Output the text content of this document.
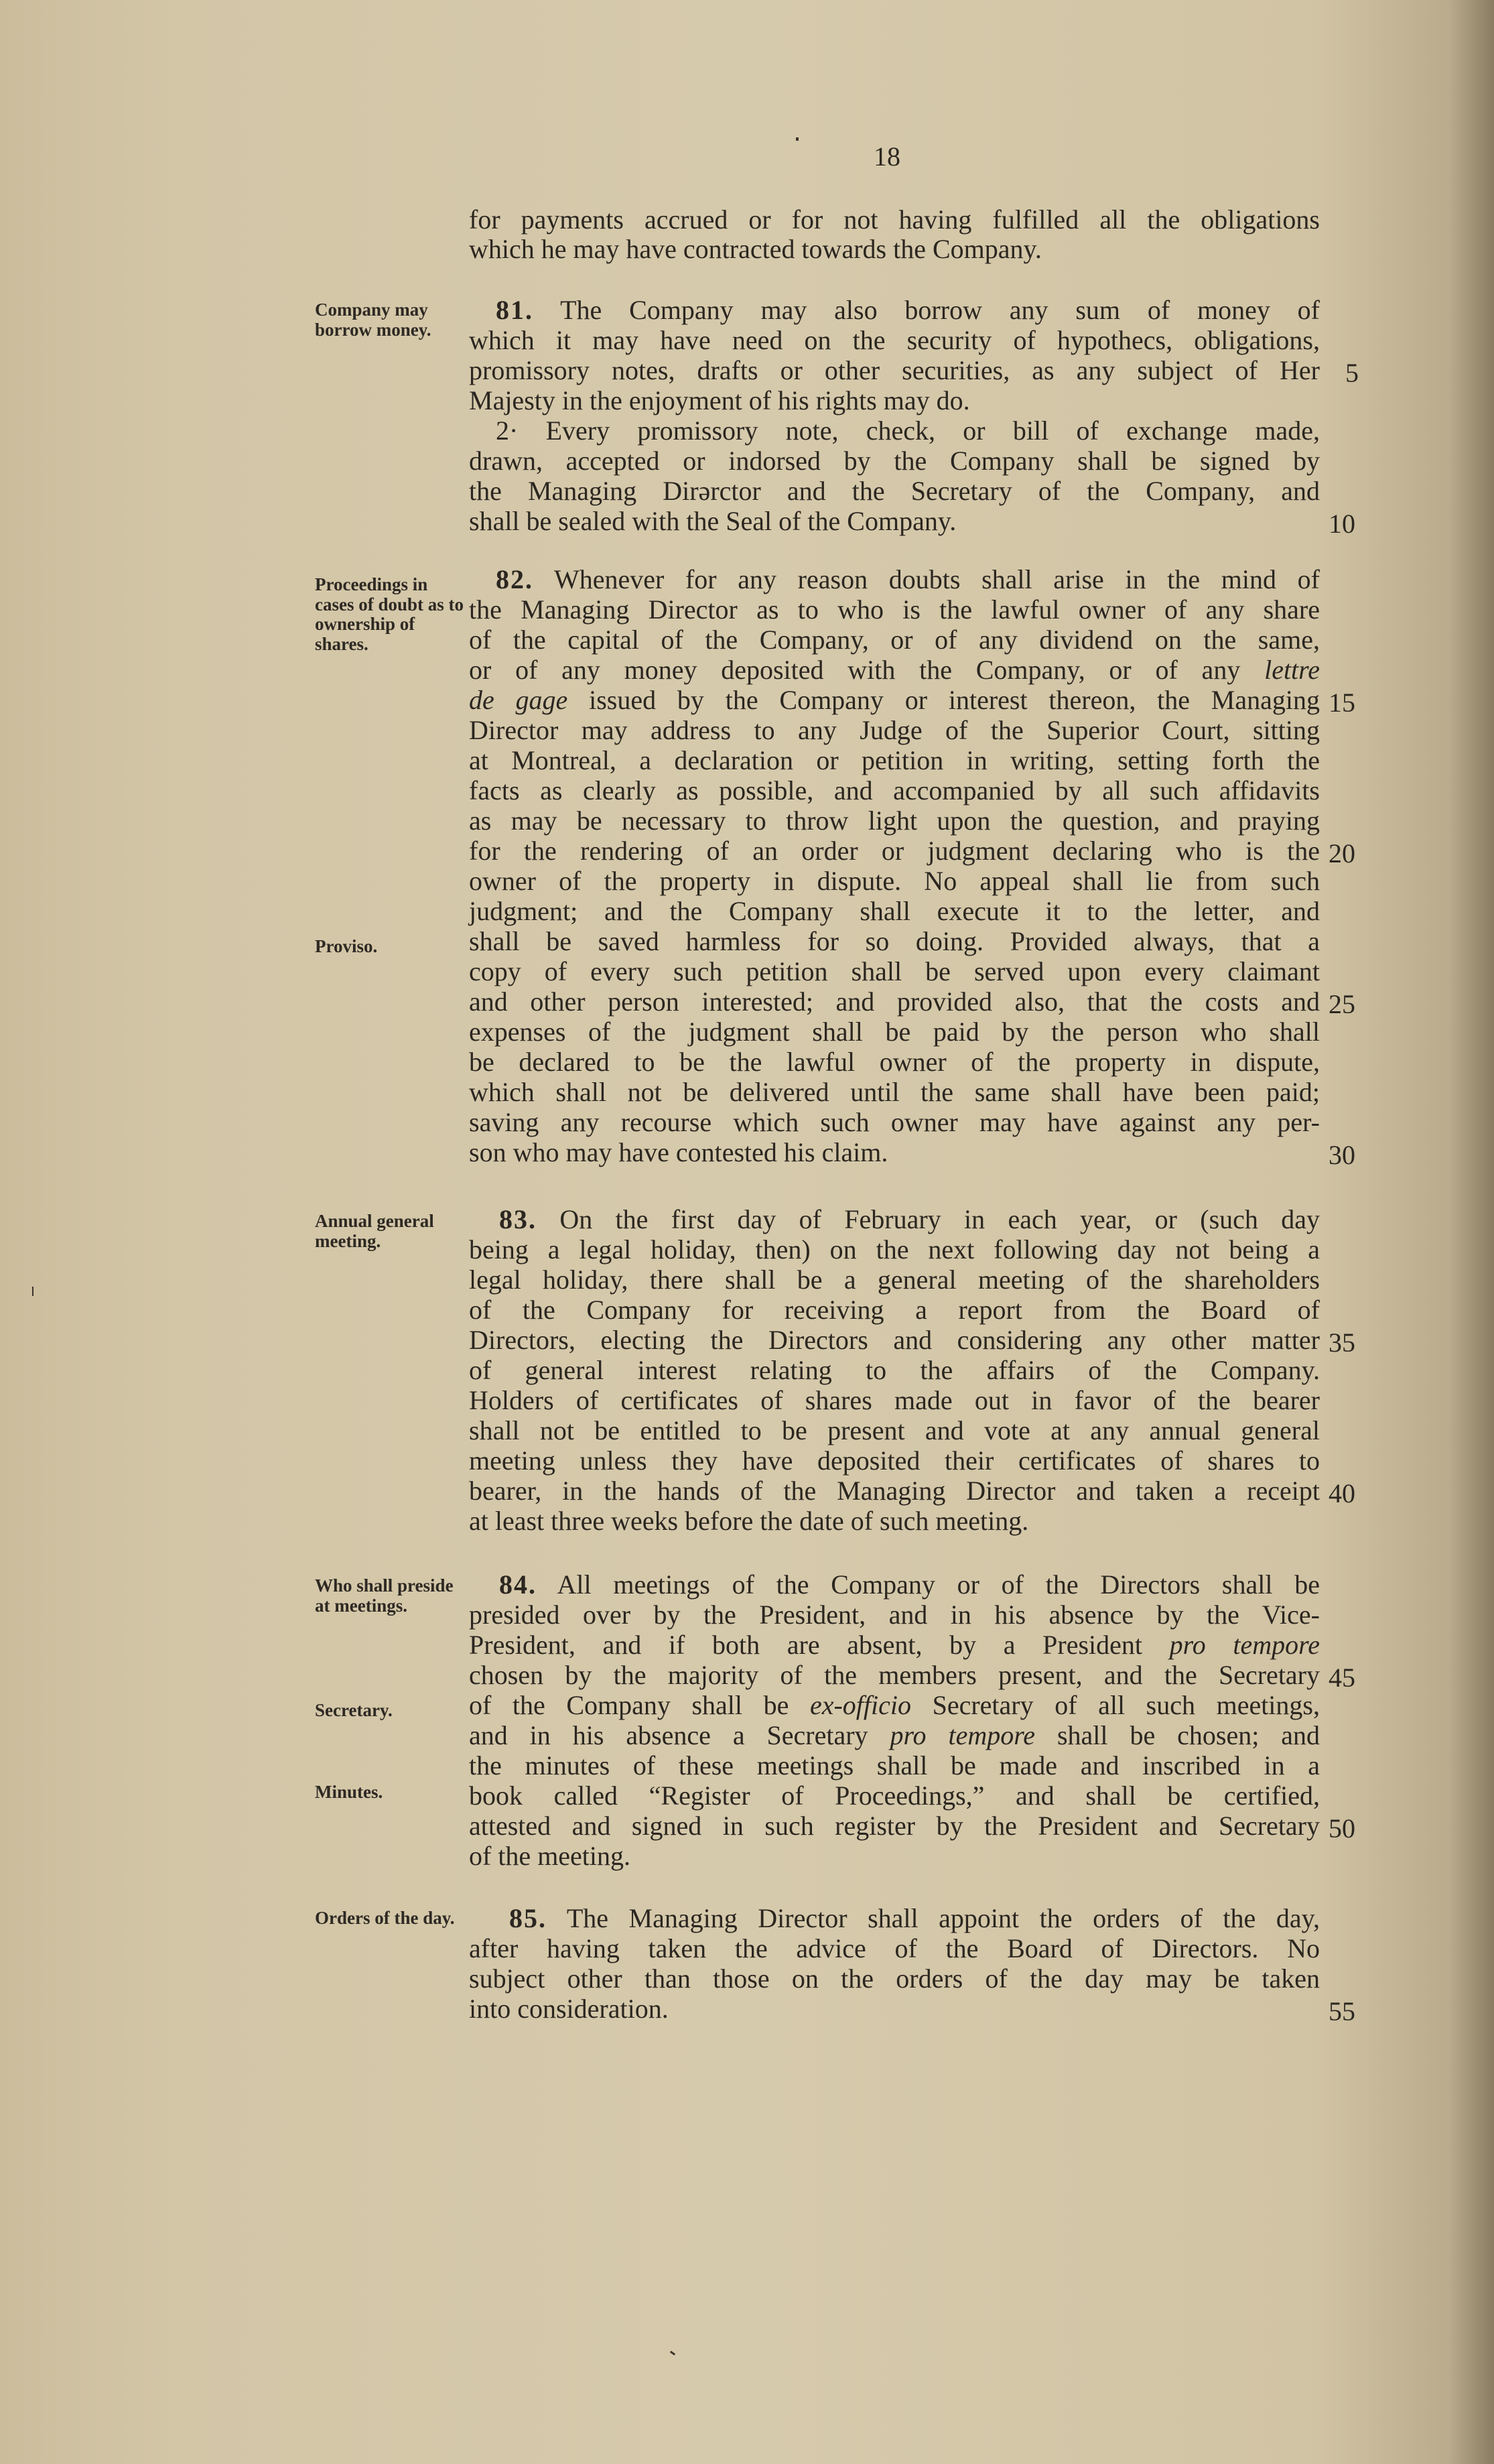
18
for payments accrued or for not having fulfilled all the obligations
which he may have contracted towards the Company.
Company may borrow money.
81. The Company may also borrow any sum of money of
which it may have need on the security of hypothecs, obligations,
promissory notes, drafts or other securities, as any subject of Her
Majesty in the enjoyment of his rights may do.
2· Every promissory note, check, or bill of exchange made,
drawn, accepted or indorsed by the Company shall be signed by
the Managing Dirərctor and the Secretary of the Company, and
shall be sealed with the Seal of the Company.
Proceedings in cases of doubt as to ownership of shares.
Proviso.
82. Whenever for any reason doubts shall arise in the mind of
the Managing Director as to who is the lawful owner of any share
of the capital of the Company, or of any dividend on the same,
or of any money deposited with the Company, or of any lettre
de gage issued by the Company or interest thereon, the Managing
Director may address to any Judge of the Superior Court, sitting
at Montreal, a declaration or petition in writing, setting forth the
facts as clearly as possible, and accompanied by all such affidavits
as may be necessary to throw light upon the question, and praying
for the rendering of an order or judgment declaring who is the
owner of the property in dispute. No appeal shall lie from such
judgment; and the Company shall execute it to the letter, and
shall be saved harmless for so doing. Provided always, that a
copy of every such petition shall be served upon every claimant
and other person interested; and provided also, that the costs and
expenses of the judgment shall be paid by the person who shall
be declared to be the lawful owner of the property in dispute,
which shall not be delivered until the same shall have been paid;
saving any recourse which such owner may have against any per-
son who may have contested his claim.
Annual general meeting.
83. On the first day of February in each year, or (such day
being a legal holiday, then) on the next following day not being a
legal holiday, there shall be a general meeting of the shareholders
of the Company for receiving a report from the Board of
Directors, electing the Directors and considering any other matter
of general interest relating to the affairs of the Company.
Holders of certificates of shares made out in favor of the bearer
shall not be entitled to be present and vote at any annual general
meeting unless they have deposited their certificates of shares to
bearer, in the hands of the Managing Director and taken a receipt
at least three weeks before the date of such meeting.
Who shall preside at meetings.
Secretary.
Minutes.
84. All meetings of the Company or of the Directors shall be
presided over by the President, and in his absence by the Vice-
President, and if both are absent, by a President pro tempore
chosen by the majority of the members present, and the Secretary
of the Company shall be ex-officio Secretary of all such meetings,
and in his absence a Secretary pro tempore shall be chosen; and
the minutes of these meetings shall be made and inscribed in a
book called “Register of Proceedings,” and shall be certified,
attested and signed in such register by the President and Secretary
of the meeting.
Orders of the day.	85. The Managing Director shall appoint the orders of the day,
after having taken the advice of the Board of Directors. No
subject other than those on the orders of the day may be taken
into consideration.
5
10
15
20
25
30
35
40
45
50
55
